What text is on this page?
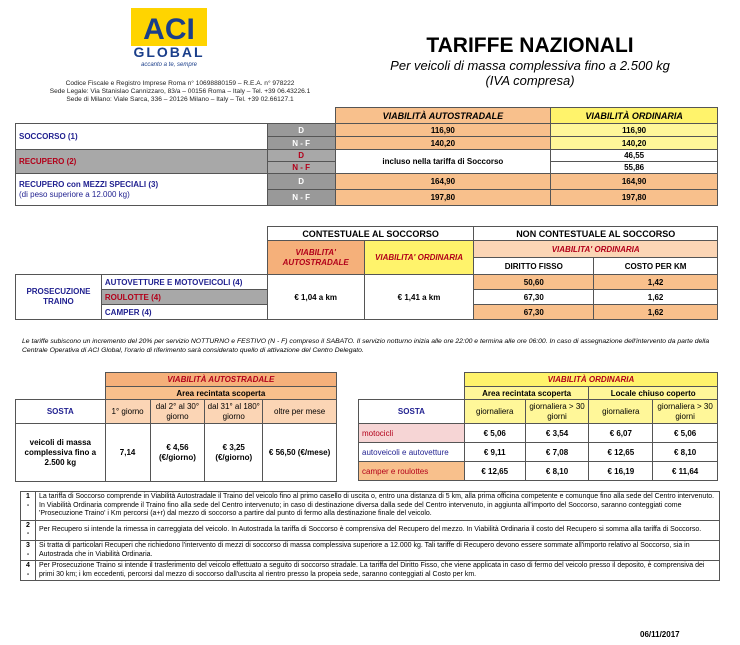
ACI
GLOBAL
accanto a te, sempre
Codice Fiscale e Registro Imprese Roma n° 10698880159 – R.E.A. n° 978222
Sede Legale: Via Stanislao Cannizzaro, 83/a – 00156 Roma – Italy – Tel. +39 06.43226.1
Sede di Milano: Viale Sarca, 336 – 20126 Milano – Italy – Tel. +39 02.66127.1
TARIFFE NAZIONALI
Per veicoli di massa complessiva fino a 2.500 kg
(IVA compresa)
		VIABILITÀ AUTOSTRADALE	VIABILITÀ ORDINARIA
SOCCORSO (1)	D	116,90	116,90
	N - F	140,20	140,20
RECUPERO (2)	D	incluso nella tariffa di Soccorso	46,55
	N - F		55,86

RECUPERO con MEZZI SPECIALI (3)
(di peso superiore a 12.000 kg)	D	164,90	164,90
	N - F	197,80	197,80
		CONTESTUALE AL SOCCORSO		NON CONTESTUALE AL SOCCORSO	
		VIABILITA' AUTOSTRADALE	VIABILITA' ORDINARIA	VIABILITA' ORDINARIA	
				DIRITTO FISSO	COSTO PER KM
PROSECUZIONE TRAINO	AUTOVETTURE E MOTOVEICOLI (4)	€ 1,04 a km	€ 1,41 a km	50,60	1,42
	ROULOTTE (4)			67,30	1,62
	CAMPER (4)			67,30	1,62
Le tariffe subiscono un incremento del 20% per servizio NOTTURNO e FESTIVO (N - F) compreso il SABATO. Il servizio notturno inizia alle ore 22:00 e termina alle ore 06:00. In caso di assegnazione dell'intervento da parte della Centrale Operativa di ACI Global, l'orario di riferimento sarà considerato quello di attivazione del Centro Delegato.
	VIABILITÀ AUTOSTRADALE			
	Area recintata scoperta			
SOSTA	1° giorno	dal 2° al 30° giorno	dal 31° al 180° giorno	oltre per mese
veicoli di massa complessiva fino a 2.500 kg	7,14	€ 4,56 (€/giorno)	€ 3,25 (€/giorno)	€ 56,50 (€/mese)
	VIABILITÀ ORDINARIA			
	Area recintata scoperta		Locale chiuso coperto	
SOSTA	giornaliera	giornaliera > 30 giorni	giornaliera	giornaliera > 30 giorni
motocicli	€ 5,06	€ 3,54	€ 6,07	€ 5,06
autoveicoli e autovetture	€ 9,11	€ 7,08	€ 12,65	€ 8,10
camper e roulottes	€ 12,65	€ 8,10	€ 16,19	€ 11,64
1 -	La tariffa di Soccorso comprende in Viabilità Autostradale il Traino del veicolo fino al primo casello di uscita o, entro una distanza di 5 km, alla prima officina competente e comunque fino alla sede del Centro intervenuto. In Viabilità Ordinaria comprende il Traino fino alla sede del Centro intervenuto; in caso di destinazione diversa dalla sede del Centro intervenuto, in aggiunta all'importo del Soccorso, saranno conteggiati come 'Prosecuzione Traino' i Km percorsi (a+r) dal mezzo di soccorso a partire dal punto di fermo alla destinazione finale del veicolo.
2 -	Per Recupero si intende la rimessa in carreggiata del veicolo. In Autostrada la tariffa di Soccorso è comprensiva del Recupero del mezzo. In Viabilità Ordinaria il costo del Recupero si somma alla tariffa di Soccorso.
3 -	Si tratta di particolari Recuperi che richiedono l'intervento di mezzi di soccorso di massa complessiva superiore a 12.000 kg. Tali tariffe di Recupero devono essere sommate all'importo relativo al Soccorso, sia in Autostrada che in Viabilità Ordinaria.
4 -	Per Prosecuzione Traino si intende il trasferimento del veicolo effettuato a seguito di soccorso stradale. La tariffa del Diritto Fisso, che viene applicata in caso di fermo del veicolo presso il deposito, è comprensiva dei primi 30 km; i km eccedenti, percorsi dal mezzo di soccorso dall'uscita al rientro presso la propeia sede, saranno conteggiati al Costo per km.
06/11/2017
